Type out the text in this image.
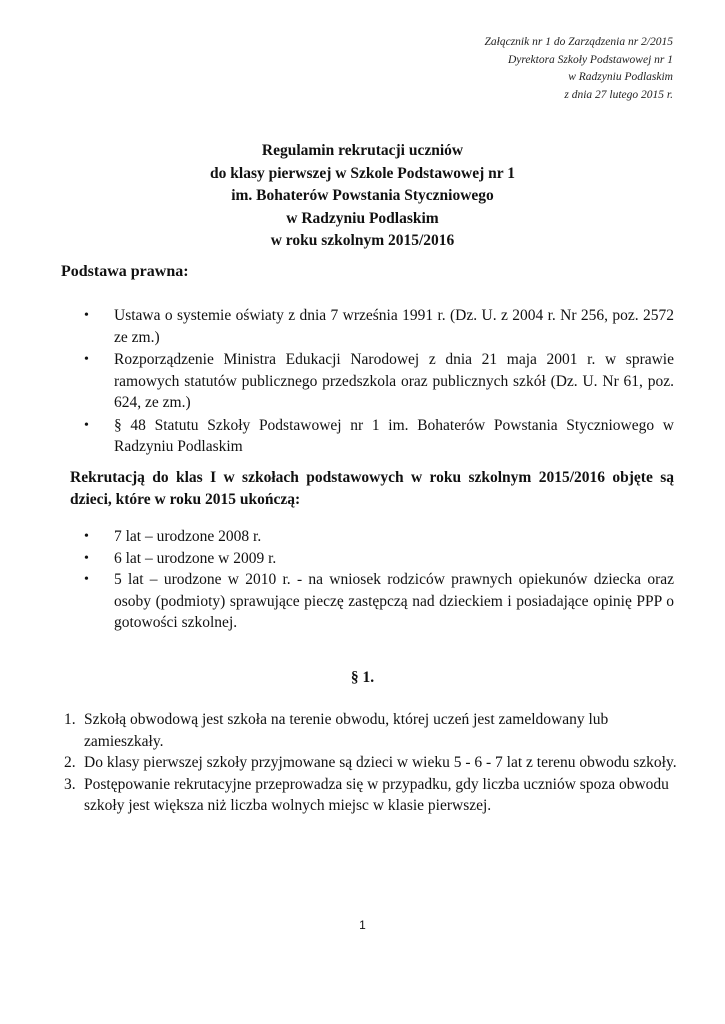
Załącznik nr 1 do Zarządzenia nr 2/2015
Dyrektora Szkoły Podstawowej nr 1
w Radzyniu Podlaskim
z dnia 27 lutego 2015 r.
Regulamin rekrutacji uczniów
do klasy pierwszej w Szkole Podstawowej nr 1
im. Bohaterów Powstania Styczniowego
w Radzyniu Podlaskim
w roku szkolnym 2015/2016
Podstawa prawna:
• Ustawa o systemie oświaty z dnia 7 września 1991 r. (Dz. U. z 2004 r. Nr 256, poz. 2572 ze zm.)
• Rozporządzenie Ministra Edukacji Narodowej z dnia 21 maja 2001 r. w sprawie ramowych statutów publicznego przedszkola oraz publicznych szkół (Dz. U. Nr 61, poz. 624, ze zm.)
• § 48 Statutu Szkoły Podstawowej nr 1 im. Bohaterów Powstania Styczniowego w Radzyniu Podlaskim
Rekrutacją do klas I w szkołach podstawowych w roku szkolnym 2015/2016 objęte są dzieci, które w roku 2015 ukończą:
• 7 lat – urodzone 2008 r.
• 6 lat – urodzone w 2009 r.
• 5 lat – urodzone w 2010 r. - na wniosek rodziców prawnych opiekunów dziecka oraz osoby (podmioty) sprawujące pieczę zastępczą nad dzieckiem i posiadające opinię PPP o gotowości szkolnej.
§ 1.
1. Szkołą obwodową jest szkoła na terenie obwodu, której uczeń jest zameldowany lub zamieszkały.
2. Do klasy pierwszej szkoły przyjmowane są dzieci w wieku 5 - 6 - 7 lat z terenu obwodu szkoły.
3. Postępowanie rekrutacyjne przeprowadza się w przypadku, gdy liczba uczniów spoza obwodu szkoły jest większa niż liczba wolnych miejsc w klasie pierwszej.
1
